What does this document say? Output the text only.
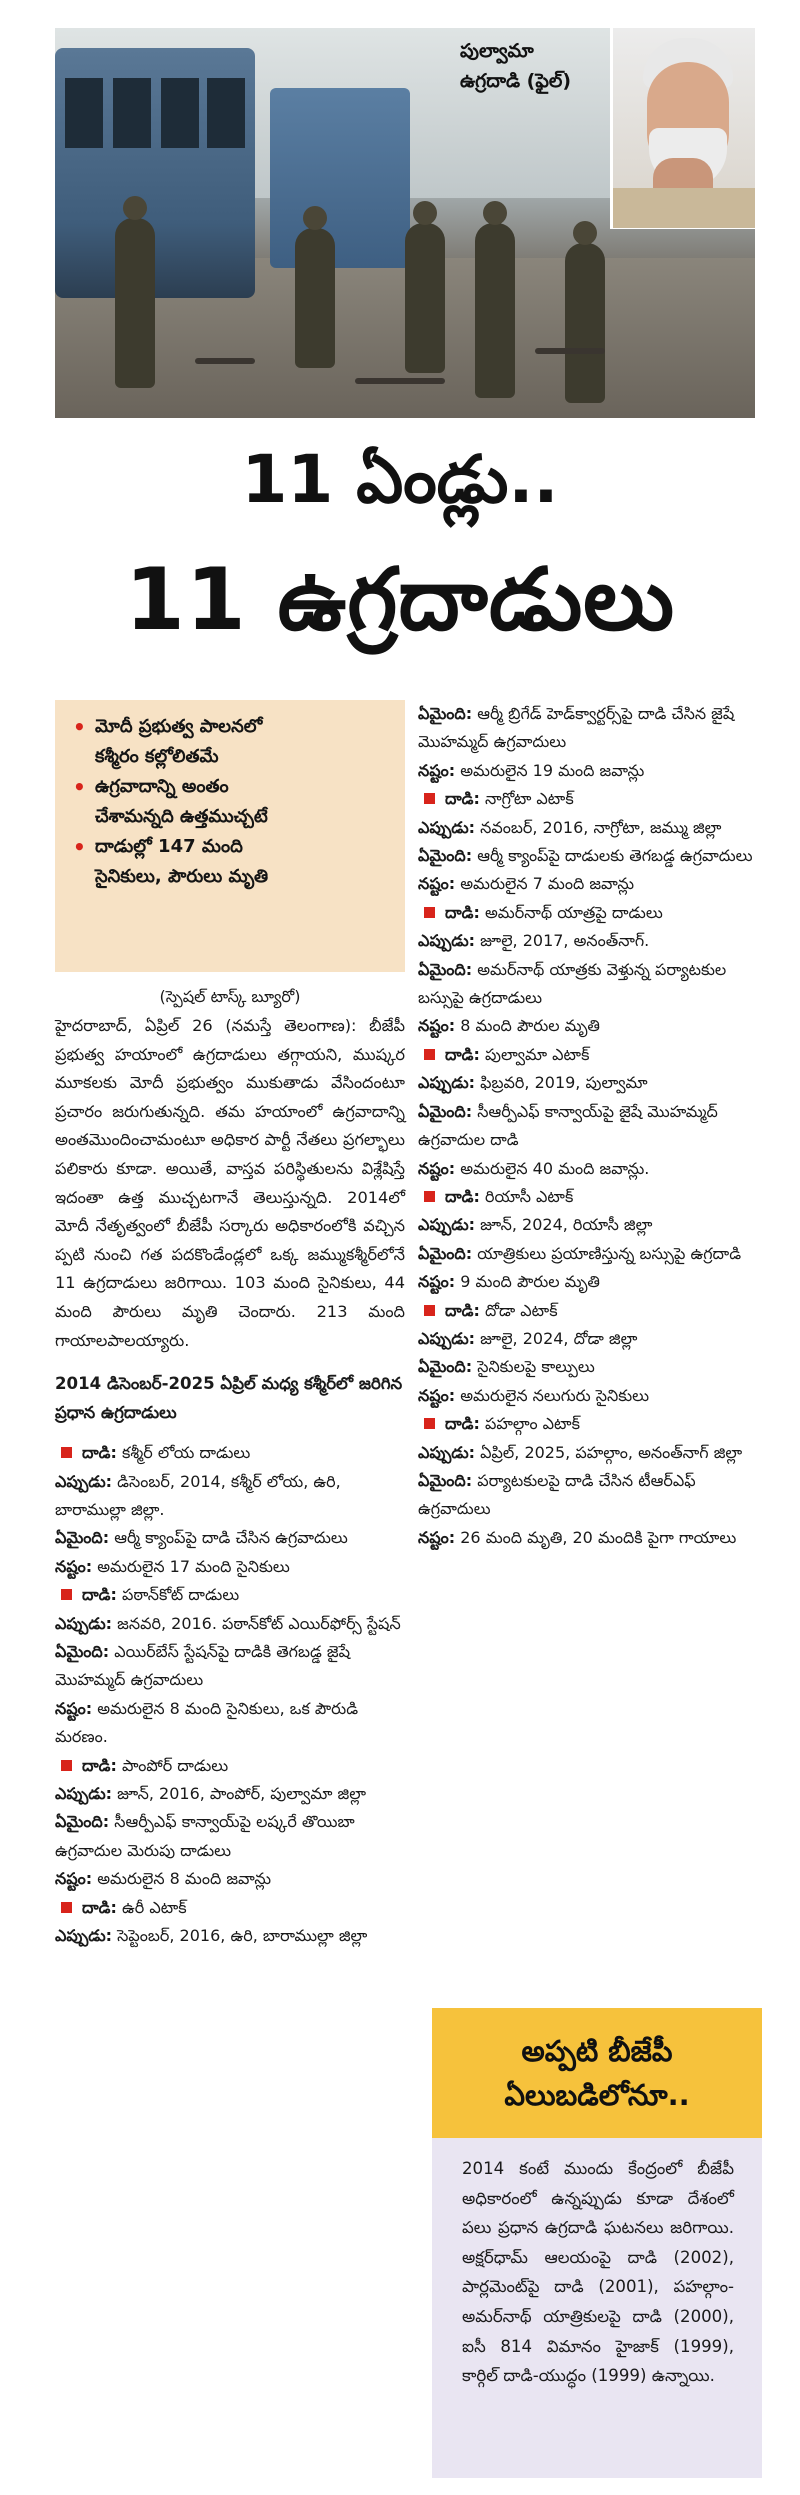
పుల్వామా
ఉగ్రదాడి (ఫైల్)
11 ఏండ్లు..
11 ఉగ్రదాడులు
• మోదీ ప్రభుత్వ పాలనలో
కశ్మీరం కల్లోలితమే
• ఉగ్రవాదాన్ని అంతం
చేశామన్నది ఉత్తముచ్చటే
• దాడుల్లో 147 మంది
సైనికులు, పౌరులు మృతి
(స్పెషల్ టాస్క్ బ్యూరో)
హైదరాబాద్, ఏప్రిల్ 26 (నమస్తే తెలంగాణ): బీజేపీ ప్రభుత్వ హయాంలో ఉగ్రదాడులు తగ్గాయని, ముష్కర మూకలకు మోదీ ప్రభుత్వం ముకుతాడు వేసిందంటూ ప్రచారం జరుగుతున్నది. తమ హయాంలో ఉగ్రవాదాన్ని అంతమొందించామంటూ అధికార పార్టీ నేతలు ప్రగల్భాలు పలికారు కూడా. అయితే, వాస్తవ పరిస్థితులను విశ్లేషిస్తే ఇదంతా ఉత్త ముచ్చటగానే తెలుస్తున్నది. 2014లో మోదీ నేతృత్వంలో బీజేపీ సర్కారు అధికారంలోకి వచ్చిన ప్పటి నుంచి గత పదకొండేండ్లలో ఒక్క జమ్ముకశ్మీర్‌లోనే 11 ఉగ్రదాడులు జరిగాయి. 103 మంది సైనికులు, 44 మంది పౌరులు మృతి చెందారు. 213 మంది గాయాలపాలయ్యారు.
2014 డిసెంబర్-2025 ఏప్రిల్ మధ్య కశ్మీర్‌లో జరిగిన ప్రధాన ఉగ్రదాడులు
దాడి: కశ్మీర్ లోయ దాడులు
ఎప్పుడు: డిసెంబర్, 2014, కశ్మీర్ లోయ, ఉరి, బారాముల్లా జిల్లా.
ఏమైంది: ఆర్మీ క్యాంప్‌పై దాడి చేసిన ఉగ్రవాదులు
నష్టం: అమరులైన 17 మంది సైనికులు
దాడి: పఠాన్‌కోట్ దాడులు
ఎప్పుడు: జనవరి, 2016. పఠాన్‌కోట్ ఎయిర్‌ఫోర్స్ స్టేషన్
ఏమైంది: ఎయిర్‌బేస్ స్టేషన్‌పై దాడికి తెగబడ్డ జైషే మొహమ్మద్ ఉగ్రవాదులు
నష్టం: అమరులైన 8 మంది సైనికులు, ఒక పౌరుడి మరణం.
దాడి: పాంపోర్ దాడులు
ఎప్పుడు: జూన్, 2016, పాంపోర్, పుల్వామా జిల్లా
ఏమైంది: సీఆర్పీఎఫ్ కాన్వాయ్‌పై లష్కరే తొయిబా ఉగ్రవాదుల మెరుపు దాడులు
నష్టం: అమరులైన 8 మంది జవాన్లు
దాడి: ఉరీ ఎటాక్
ఎప్పుడు: సెప్టెంబర్, 2016, ఉరి, బారాముల్లా జిల్లా
ఏమైంది: ఆర్మీ బ్రిగేడ్ హెడ్‌క్వార్టర్స్‌పై దాడి చేసిన జైషే మొహమ్మద్ ఉగ్రవాదులు
నష్టం: అమరులైన 19 మంది జవాన్లు
దాడి: నాగ్రోటా ఎటాక్
ఎప్పుడు: నవంబర్, 2016, నాగ్రోటా, జమ్ము జిల్లా
ఏమైంది: ఆర్మీ క్యాంప్‌పై దాడులకు తెగబడ్డ ఉగ్రవాదులు
నష్టం: అమరులైన 7 మంది జవాన్లు
దాడి: అమర్‌నాథ్ యాత్రపై దాడులు
ఎప్పుడు: జూలై, 2017, అనంత్‌నాగ్.
ఏమైంది: అమర్‌నాథ్ యాత్రకు వెళ్తున్న పర్యాటకుల బస్సుపై ఉగ్రదాడులు
నష్టం: 8 మంది పౌరుల మృతి
దాడి: పుల్వామా ఎటాక్
ఎప్పుడు: ఫిబ్రవరి, 2019, పుల్వామా
ఏమైంది: సీఆర్పీఎఫ్ కాన్వాయ్‌పై జైషే మొహమ్మద్ ఉగ్రవాదుల దాడి
నష్టం: అమరులైన 40 మంది జవాన్లు.
దాడి: రియాసీ ఎటాక్
ఎప్పుడు: జూన్, 2024, రియాసీ జిల్లా
ఏమైంది: యాత్రికులు ప్రయాణిస్తున్న బస్సుపై ఉగ్రదాడి
నష్టం: 9 మంది పౌరుల మృతి
దాడి: దోడా ఎటాక్
ఎప్పుడు: జూలై, 2024, దోడా జిల్లా
ఏమైంది: సైనికులపై కాల్పులు
నష్టం: అమరులైన నలుగురు సైనికులు
దాడి: పహల్గాం ఎటాక్
ఎప్పుడు: ఏప్రిల్, 2025, పహల్గాం, అనంత్‌నాగ్ జిల్లా
ఏమైంది: పర్యాటకులపై దాడి చేసిన టీఆర్ఎఫ్ ఉగ్రవాదులు
నష్టం: 26 మంది మృతి, 20 మందికి పైగా గాయాలు
అప్పటి బీజేపీ
ఏలుబడిలోనూ..
2014 కంటే ముందు కేంద్రంలో బీజేపీ అధికారంలో ఉన్నప్పుడు కూడా దేశంలో పలు ప్రధాన ఉగ్రదాడి ఘటనలు జరిగాయి. అక్షర్‌ధామ్ ఆలయంపై దాడి (2002), పార్లమెంట్‌పై దాడి (2001), పహల్గాం-అమర్‌నాథ్ యాత్రికులపై దాడి (2000), ఐసీ 814 విమానం హైజాక్ (1999), కార్గిల్ దాడి-యుద్ధం (1999) ఉన్నాయి.
